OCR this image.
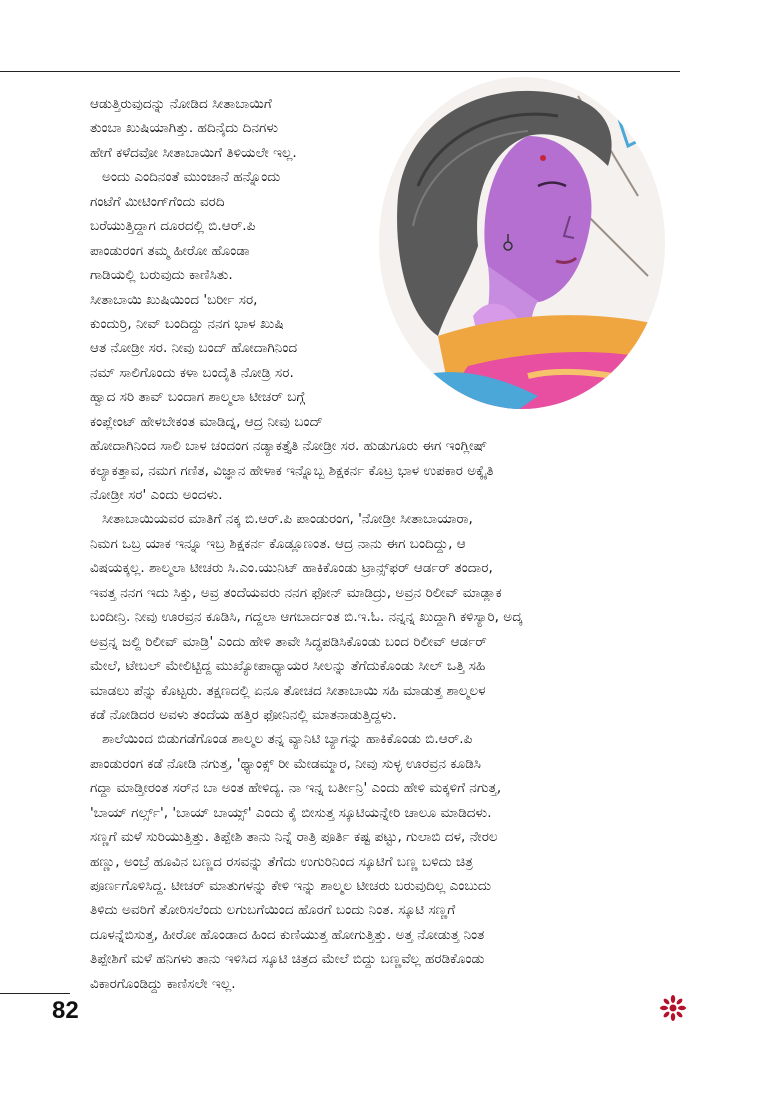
ಆಡುತ್ತಿರುವುದನ್ನು ನೋಡಿದ ಸೀತಾಬಾಯಿಗೆ
ತುಂಬಾ ಖುಷಿಯಾಗಿತ್ತು. ಹದಿನೈದು ದಿನಗಳು
ಹೇಗೆ ಕಳೆದವೋ ಸೀತಾಬಾಯಿಗೆ ತಿಳಿಯಲೇ ಇಲ್ಲ.
ಅಂದು ಎಂದಿನಂತೆ ಮುಂಜಾನೆ ಹನ್ನೊಂದು
ಗಂಟೆಗೆ ಮೀಟಿಂಗ್‌ಗೆಂದು ವರದಿ
ಬರೆಯುತ್ತಿದ್ದಾಗ ದೂರದಲ್ಲಿ ಬಿ.ಆರ್.ಪಿ
ಪಾಂಡುರಂಗ ತಮ್ಮ ಹೀರೋ ಹೊಂಡಾ
ಗಾಡಿಯಲ್ಲಿ ಬರುವುದು ಕಾಣಿಸಿತು.
ಸೀತಾಬಾಯಿ ಖುಷಿಯಿಂದ 'ಬರ್ರೀ ಸರ,
ಕುಂದುರ್ರಿ, ನೀವ್ ಬಂದಿದ್ದು ನನಗ ಭಾಳ ಖುಷಿ
ಆತ ನೋಡ್ರೀ ಸರ. ನೀವು ಬಂದ್ ಹೋದಾಗಿನಿಂದ
ನಮ್ ಸಾಲಿಗೊಂದು ಕಳಾ ಬಂದೈತಿ ನೋಡ್ರಿ ಸರ.
ಹ್ವಾದ ಸರಿ ತಾವ್ ಬಂದಾಗ ಶಾಲ್ಮಲಾ ಟೀಚರ್ ಬಗ್ಗೆ
ಕಂಪ್ಲೇಂಟ್ ಹೇಳಬೇಕಂತ ಮಾಡಿದ್ನ, ಆದ್ರ ನೀವು ಬಂದ್
ಹೋದಾಗಿನಿಂದ ಸಾಲಿ ಬಾಳ ಚಂದಂಗ ನಡ್ಯಾಕತ್ತೈತಿ ನೋಡ್ರೀ ಸರ. ಹುಡುಗೂರು ಈಗ ಇಂಗ್ಲೀಷ್
ಕಲ್ಯಾಕತ್ತಾವ, ನಮಗ ಗಣಿತ, ವಿಜ್ಞಾನ ಹೇಳಾಕ ಇನ್ನೊಬ್ಬ ಶಿಕ್ಷಕರ್ನ ಕೊಟ್ರ ಭಾಳ ಉಪಕಾರ ಅಕ್ಕೈತಿ
ನೋಡ್ರೀ ಸರ' ಎಂದು ಅಂದಳು.
ಸೀತಾಬಾಯಿಯವರ ಮಾತಿಗೆ ನಕ್ಕ ಬಿ.ಆರ್.ಪಿ ಪಾಂಡುರಂಗ, 'ನೋಡ್ರೀ ಸೀತಾಬಾಯಾರಾ,
ನಿಮಗ ಒಬ್ರ ಯಾಕ ಇನ್ನೂ ಇಬ್ರ ಶಿಕ್ಷಕರ್ನ ಕೊಡ್ಲೂಣಂತ. ಆದ್ರ ನಾನು ಈಗ ಬಂದಿದ್ದು, ಆ
ವಿಷಯಕ್ಕಲ್ಲ. ಶಾಲ್ಮಲಾ ಟೀಚರು ಸಿ.ಎಂ.ಯುನಿಟ್ ಹಾಕಿಕೊಂಡು ಟ್ರಾನ್ಸ್‌ಫರ್ ಆರ್ಡರ್ ತಂದಾರ,
ಇವತ್ತ ನನಗ ಇದು ಸಿಕ್ತು, ಅವ್ರ ತಂದೆಯವರು ನನಗ ಫೋನ್ ಮಾಡಿದ್ರು, ಅವ್ರನ ರಿಲೀವ್ ಮಾಡ್ಲಾಕ
ಬಂದೀನ್ರಿ. ನೀವು ಊರವ್ರನ ಕೂಡಿಸಿ, ಗದ್ದಲಾ ಆಗಬಾರ್ದಂತ ಬಿ.ಇ.ಓ. ನನ್ನನ್ನ ಖುದ್ದಾಗಿ ಕಳಿಸ್ಯಾರಿ, ಅದ್ಕ
ಅವ್ರನ್ನ ಜಲ್ದಿ ರಿಲೀವ್ ಮಾಡ್ರಿ' ಎಂದು ಹೇಳಿ ತಾವೇ ಸಿದ್ಧಪಡಿಸಿಕೊಂಡು ಬಂದ ರಿಲೀವ್ ಆರ್ಡರ್
ಮೇಲೆ, ಟೇಬಲ್ ಮೇಲಿಟ್ಟಿದ್ದ ಮುಖ್ಯೋಪಾಧ್ಯಾಯರ ಸೀಲನ್ನು ತೆಗೆದುಕೊಂಡು ಸೀಲ್ ಒತ್ತಿ ಸಹಿ
ಮಾಡಲು ಪೆನ್ನು ಕೊಟ್ಟರು. ತಕ್ಷಣದಲ್ಲಿ ಏನೂ ತೋಚದ ಸೀತಾಬಾಯಿ ಸಹಿ ಮಾಡುತ್ತ ಶಾಲ್ಮಲಳ
ಕಡೆ ನೋಡಿದರ ಅವಳು ತಂದೆಯ ಹತ್ತಿರ ಫೋನಿನಲ್ಲಿ ಮಾತನಾಡುತ್ತಿದ್ದಳು.
ಶಾಲೆಯಿಂದ ಬಿಡುಗಡೆಗೊಂಡ ಶಾಲ್ಮಲ ತನ್ನ ವ್ಯಾನಿಟಿ ಬ್ಯಾಗನ್ನು ಹಾಕಿಕೊಂಡು ಬಿ.ಆರ್.ಪಿ
ಪಾಂಡುರಂಗ ಕಡೆ ನೋಡಿ ನಗುತ್ತ, 'ಥ್ಯಾಂಕ್ಸ್ ರೀ ಮೇಡಮ್ಮಾರ, ನೀವು ಸುಳ್ಳ ಊರವ್ರನ ಕೂಡಿಸಿ
ಗದ್ದಾ ಮಾಡ್ತೀರಂತ ಸರ್‌ನ ಬಾ ಅಂತ ಹೇಳಿದ್ಯ. ನಾ ಇನ್ನ ಬರ್ತೀನ್ರಿ' ಎಂದು ಹೇಳಿ ಮಕ್ಕಳಿಗೆ ನಗುತ್ತ,
'ಬಾಯ್ ಗರ್ಲ್ಸ್', 'ಬಾಯ್ ಬಾಯ್ಸ್' ಎಂದು ಕೈ ಬೀಸುತ್ತ ಸ್ಕೂಟಿಯನ್ನೇರಿ ಚಾಲೂ ಮಾಡಿದಳು.
ಸಣ್ಣಗೆ ಮಳೆ ಸುರಿಯುತ್ತಿತ್ತು. ತಿಪ್ಪೇಶಿ ತಾನು ನಿನ್ನೆ ರಾತ್ರಿ ಪೂರ್ತಿ ಕಷ್ಟ ಪಟ್ಟು, ಗುಲಾಬಿ ದಳ, ನೇರಲ
ಹಣ್ಣು, ಅಂಬ್ರೆ ಹೂವಿನ ಬಣ್ಣದ ರಸವನ್ನು ತೆಗೆದು ಉಗುರಿನಿಂದ ಸ್ಕೂಟಿಗೆ ಬಣ್ಣ ಬಳಿದು ಚಿತ್ರ
ಪೂರ್ಣಗೊಳಿಸಿದ್ದ. ಟೀಚರ್ ಮಾತುಗಳನ್ನು ಕೇಳಿ ಇನ್ನು ಶಾಲ್ಮಲ ಟೀಚರು ಬರುವುದಿಲ್ಲ ಎಂಬುದು
ತಿಳಿದು ಅವರಿಗೆ ತೋರಿಸಲೆಂದು ಲಗುಬಗೆಯಿಂದ ಹೊರಗೆ ಬಂದು ನಿಂತ. ಸ್ಕೂಟಿ ಸಣ್ಣಗೆ
ದೂಳನ್ನೆಬಿಸುತ್ತ, ಹೀರೋ ಹೊಂಡಾದ ಹಿಂದ ಕುಣಿಯುತ್ತ ಹೋಗುತ್ತಿತ್ತು. ಅತ್ತ ನೋಡುತ್ತ ನಿಂತ
ತಿಪ್ಪೇಶಿಗೆ ಮಳೆ ಹನಿಗಳು ತಾನು ಇಳಿಸಿದ ಸ್ಕೂಟಿ ಚಿತ್ರದ ಮೇಲೆ ಬಿದ್ದು ಬಣ್ಣವೆಲ್ಲ ಹರಡಿಕೊಂಡು
ವಿಕಾರಗೊಂಡಿದ್ದು ಕಾಣಿಸಲೇ ಇಲ್ಲ.
82
